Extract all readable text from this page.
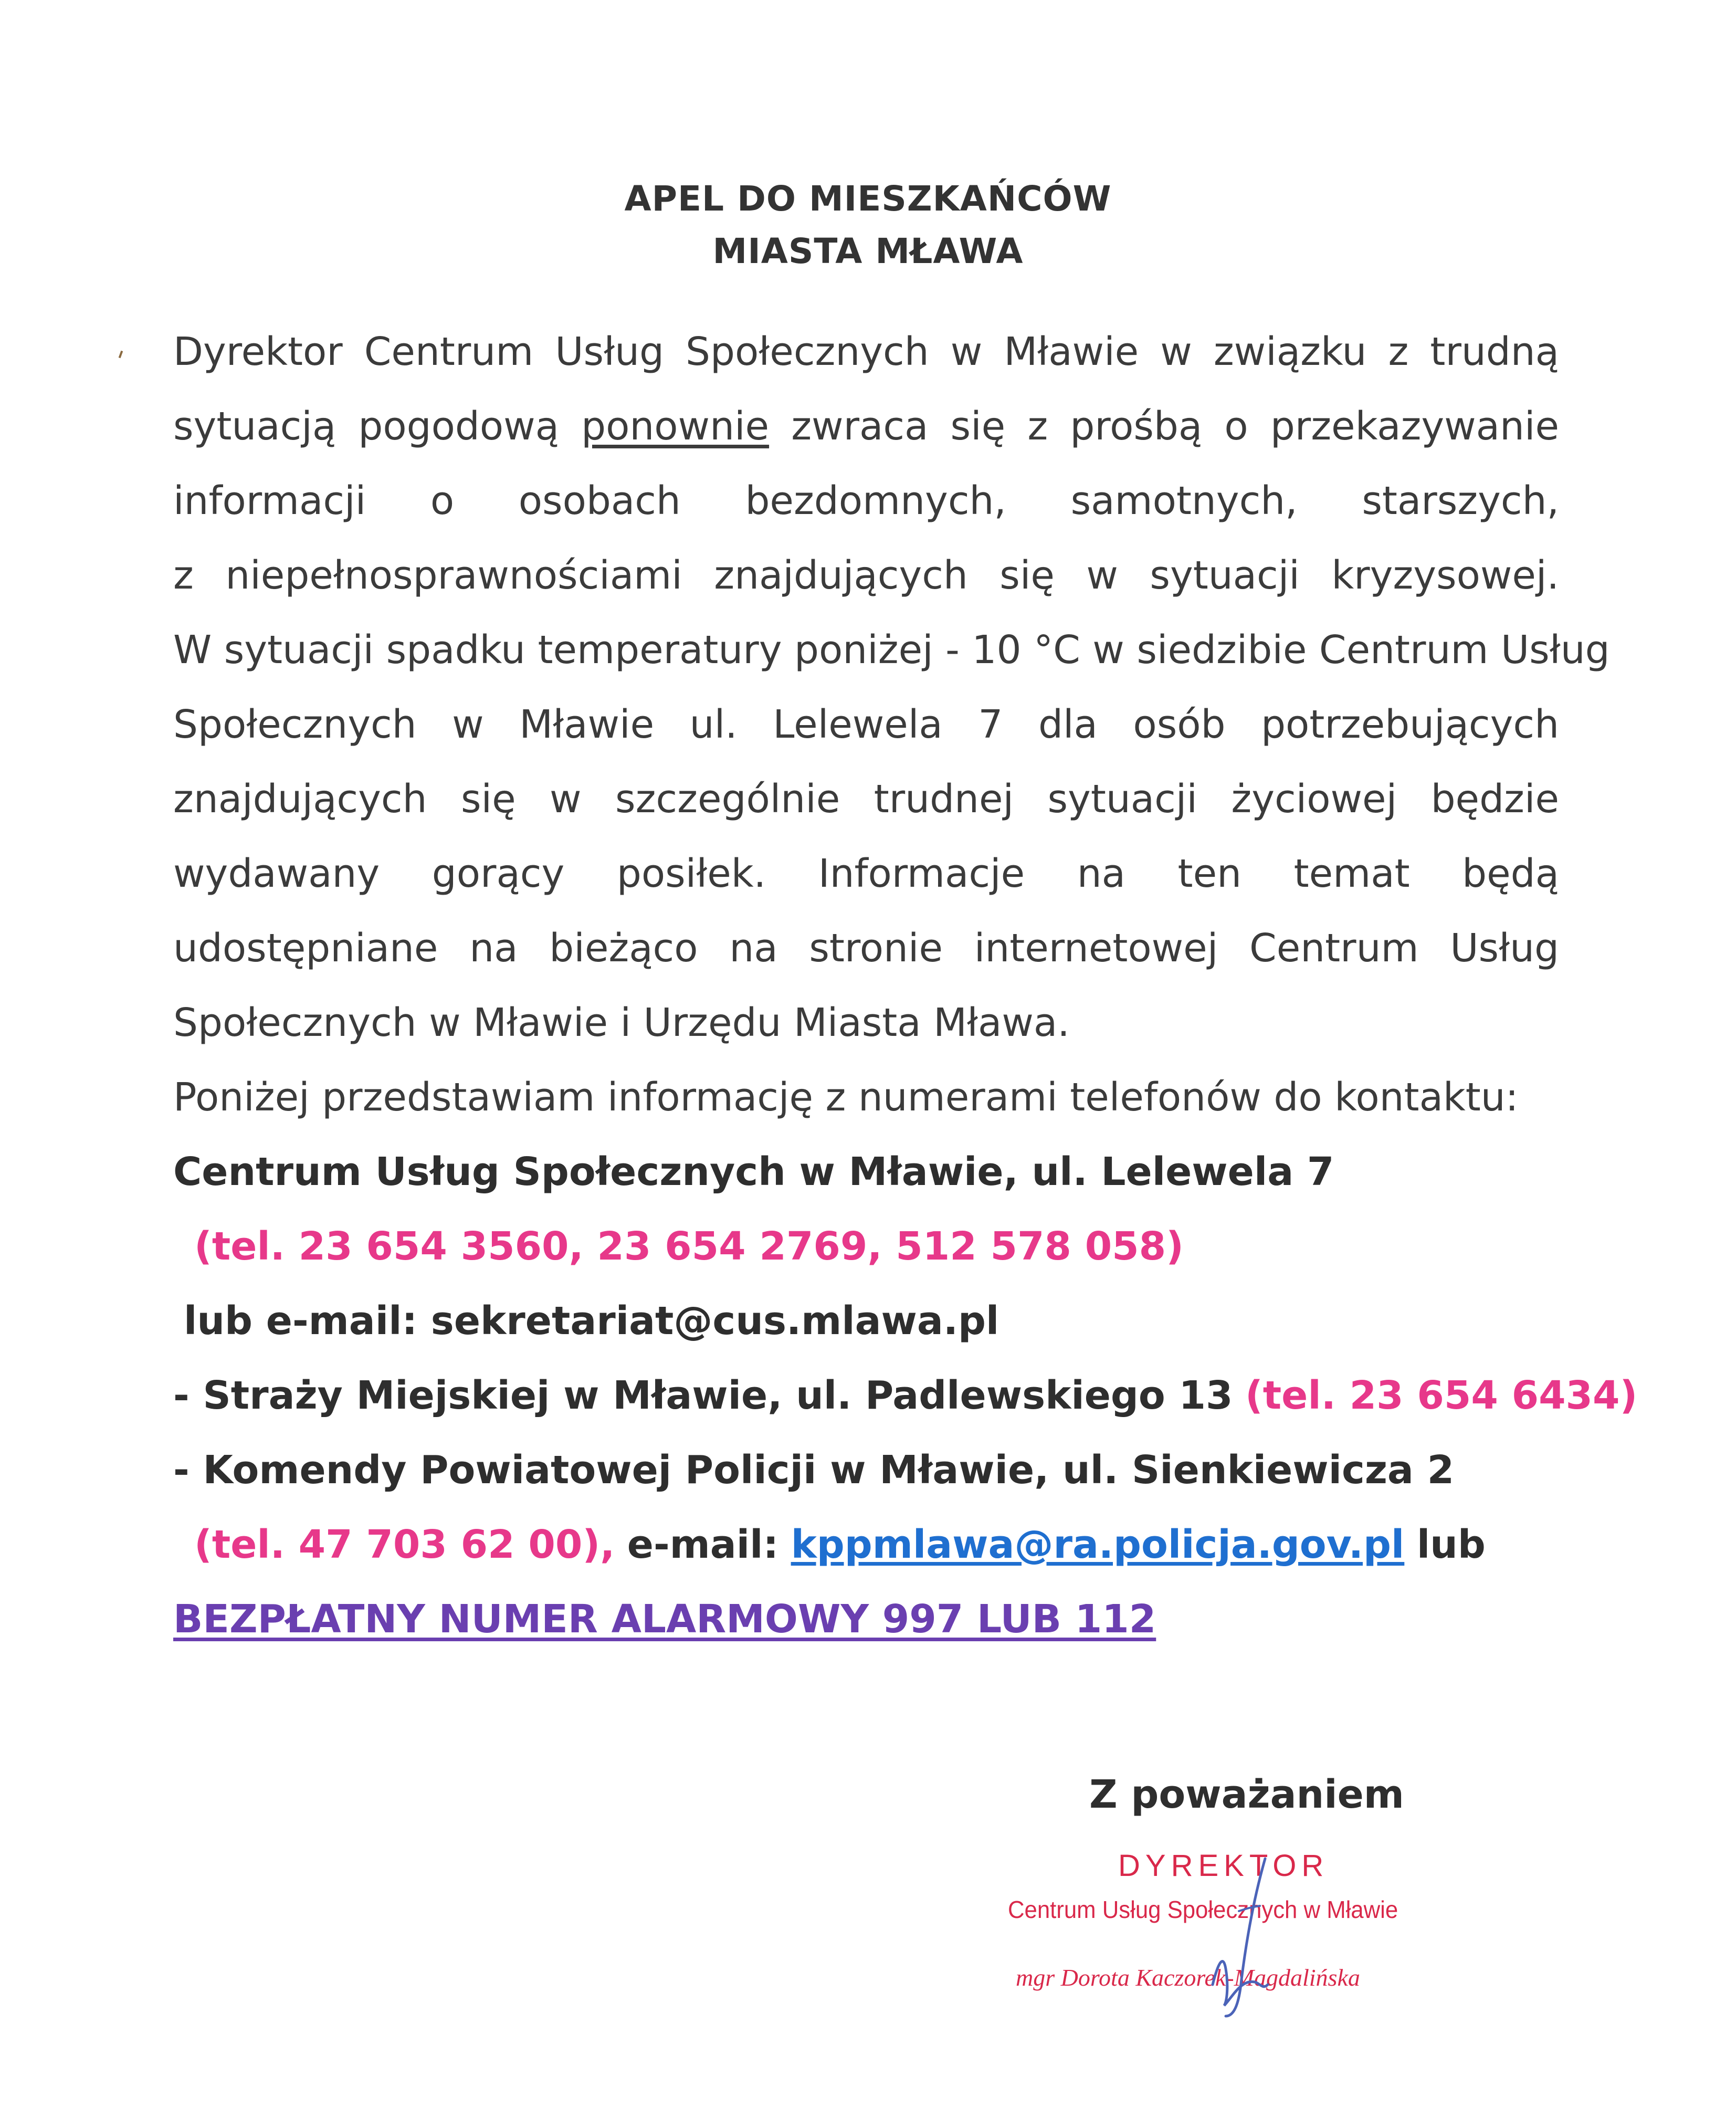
APEL DO MIESZKAŃCÓW
MIASTA MŁAWA
Dyrektor Centrum Usług Społecznych w Mławie w związku z trudną
sytuacją pogodową ponownie zwraca się z prośbą o przekazywanie
informacji o osobach bezdomnych, samotnych, starszych,
z niepełnosprawnościami znajdujących się w sytuacji kryzysowej.
W sytuacji spadku temperatury poniżej - 10 °C w siedzibie Centrum Usług
Społecznych w Mławie ul. Lelewela 7 dla osób potrzebujących
znajdujących się w szczególnie trudnej sytuacji życiowej będzie
wydawany gorący posiłek. Informacje na ten temat będą
udostępniane na bieżąco na stronie internetowej Centrum Usług
Społecznych w Mławie i Urzędu Miasta Mława.
Poniżej przedstawiam informację z numerami telefonów do kontaktu:
Centrum Usług Społecznych w Mławie, ul. Lelewela 7
(tel. 23 654 3560, 23 654 2769, 512 578 058)
lub e-mail: sekretariat@cus.mlawa.pl
- Straży Miejskiej w Mławie, ul. Padlewskiego 13 (tel. 23 654 6434)
- Komendy Powiatowej Policji w Mławie, ul. Sienkiewicza 2
(tel. 47 703 62 00), e-mail: kppmlawa@ra.policja.gov.pl lub
BEZPŁATNY NUMER ALARMOWY 997 LUB 112
Z poważaniem
DYREKTOR
Centrum Usług Społecznych w Mławie
mgr Dorota Kaczorek-Magdalińska
